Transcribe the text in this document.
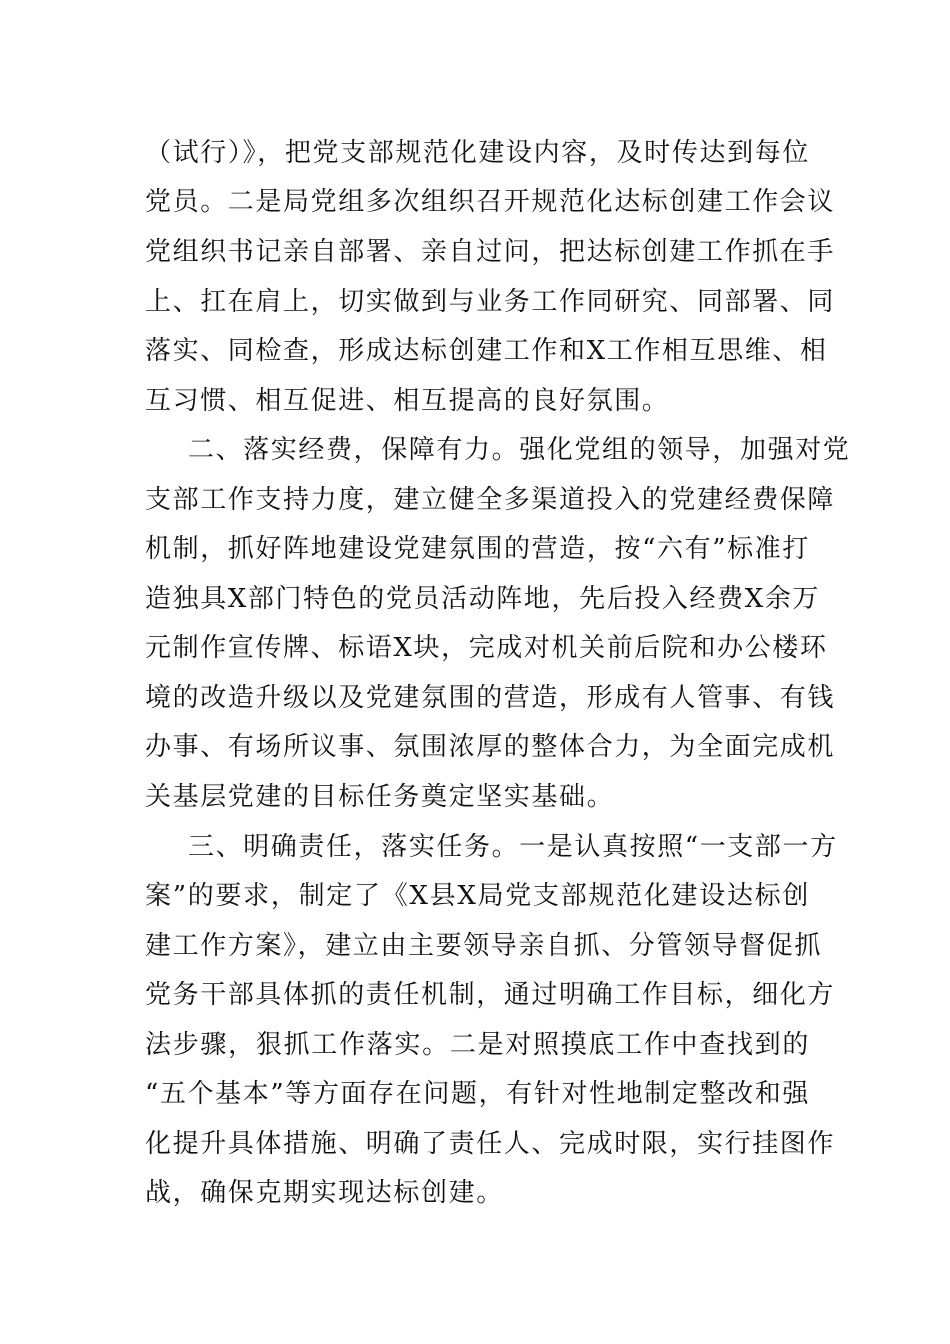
（试行）》，把党支部规范化建设内容，及时传达到每位
党员。二是局党组多次组织召开规范化达标创建工作会议
党组织书记亲自部署、亲自过问，把达标创建工作抓在手
上、扛在肩上，切实做到与业务工作同研究、同部署、同
落实、同检查，形成达标创建工作和X工作相互思维、相
互习惯、相互促进、相互提高的良好氛围。
二、落实经费，保障有力。强化党组的领导，加强对党
支部工作支持力度，建立健全多渠道投入的党建经费保障
机制，抓好阵地建设党建氛围的营造，按“六有”标准打
造独具X部门特色的党员活动阵地，先后投入经费X余万
元制作宣传牌、标语X块，完成对机关前后院和办公楼环
境的改造升级以及党建氛围的营造，形成有人管事、有钱
办事、有场所议事、氛围浓厚的整体合力，为全面完成机
关基层党建的目标任务奠定坚实基础。
三、明确责任，落实任务。一是认真按照“一支部一方
案”的要求，制定了《X县X局党支部规范化建设达标创
建工作方案》，建立由主要领导亲自抓、分管领导督促抓
党务干部具体抓的责任机制，通过明确工作目标，细化方
法步骤，狠抓工作落实。二是对照摸底工作中查找到的
“五个基本”等方面存在问题，有针对性地制定整改和强
化提升具体措施、明确了责任人、完成时限，实行挂图作
战，确保克期实现达标创建。
